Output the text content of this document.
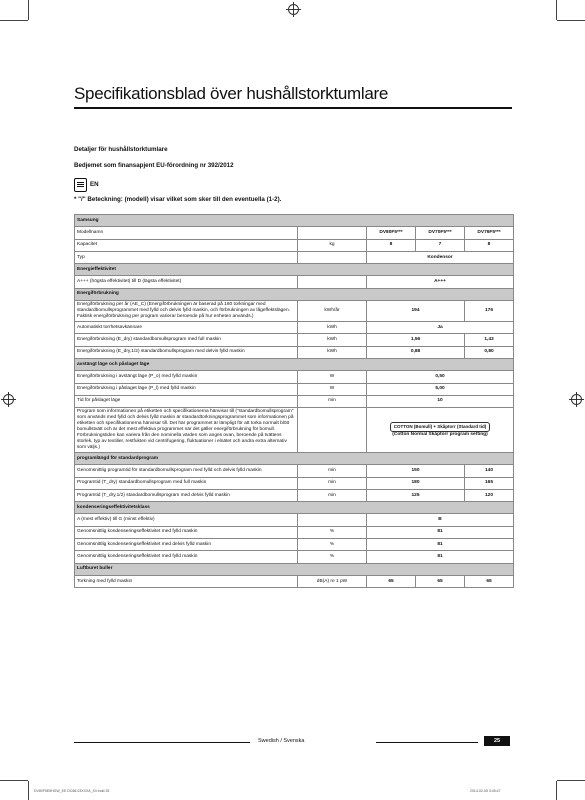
Specifikationsblad över hushållstorktumlare
Detaljer för hushållstorktumlare
Bedjemet som finansapjent EU-förordning nr 392/2012
EN
* "/" Beteckning: (modell) visar vilket som sker till den eventuella (1-2).
Samsung				
Modellnamn		DV80F5***	DV70F5***	DV76F5***
Kapacitet	kg	8	7	8
Typ		Kondensor		
Energieffektivitet				
A+++ (högsta effektivitet) till D (lägsta effektivitet)		A+++		
Energiförbrukning				
Energiförbrukning per år (AE_C) (Energiförbrukningen är baserad på 160 torkningar med standardbomullsprogrammet med fylld och delvis fylld maskin, och förbrukningen av lågeffektslägen. Faktisk energiförbrukning per program varierar beroende på hur enheten används.)	kWh/år	194		176
Automatiskt torrhetsavkännare	kWh	Ja		
Energiförbrukning (E_dry) standardbomullsprogram med full maskin	kWh	1,56		1,43
Energiförbrukning (E_dry,1/2) standardbomullsprogram med delvis fylld maskin	kWh	0,88		0,80
avstängt läge och påslaget läge				
Energiförbrukning i avstängt läge (P_o) med fylld maskin	W	0,50		
Energiförbrukning i påslaget läge (P_l) med fylld maskin	W	5,00		
Tid för påslaget läge	min	10		
Program som informationen på etiketten och specifikationerna hänvisar till ("standardbomullsprogram" som används med fylld och delvis fylld maskin är standardtorkningsprogrammet som informationen på etiketten och specifikationerna hänvisar till. Det här programmet är lämpligt för att torka normalt blött bomullstvätt och är det mest effektiva programmet när det gäller energiförbrukning för bomull. Förbrukningstiden kan variera från den nominella värden som anges ovan, beroende på tvättens storlek, typ av textilier, restfukten vid centrifugering, fluktuationer i elnätet och andra extra alternativ som väljs.)		COTTON (Bomull) + Skåptorr (Standard tid)
(Cotton Normal Skåptorr program setting)		

programlängd för standardprogram				
Genomsnittlig programtid för standardbomullsprogram med fylld och delvis fylld maskin	min	150		140
Programtid (T_dry) standardbomullsprogram med full maskin	min	180		165
Programtid (T_dry,1/2) standardbomullsprogram med delvis fylld maskin	min	125		120
kondenseringseffektivitetsklass				
A (mest effektiv) till G (minst effektiv)		B		
Genomsnittlig kondenseringseffektivitet med fylld maskin	%	81		
Genomsnittlig kondenseringseffektivitet med delvis fylld maskin	%	81		
Genomsnittlig kondenseringseffektivitet med fylld maskin	%	81		
Luftburet buller				
Torkning med fylld maskin	dB(A) re 1 pW	65	65	65
Swedish / Svenska	25
DV80F5E5HGW_EE DC68-03XXXA_SV.indd 25	2014-02-05 3:45:47
